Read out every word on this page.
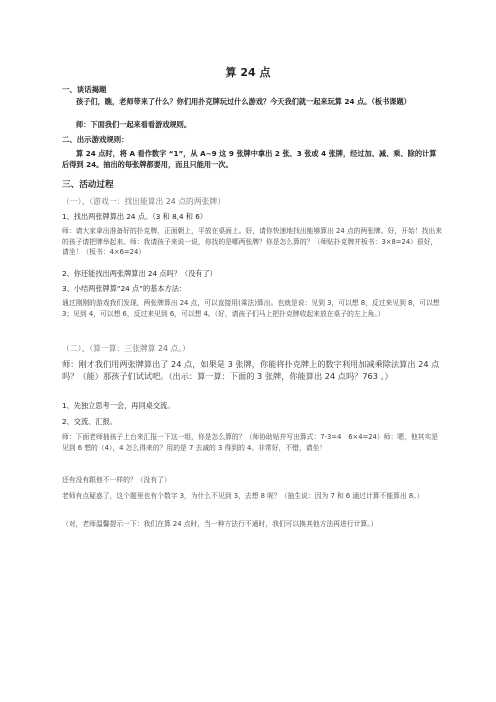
算 24 点

一、谈话揭题

孩子们，瞧，老师带来了什么？你们用扑克牌玩过什么游戏？今天我们就一起来玩算 24 点。（板书课题）

师：下面我们一起来看看游戏规则。

二、出示游戏规则：

算 24 点时，将 A 看作数字 “1”，从 A~9 这 9 张牌中拿出 2 张、3 张或 4 张牌，经过加、减、乘、除的计算后得到 24。抽出的每张牌都要用，而且只能用一次。

三、活动过程

（一）、（游戏一：找出能算出 24 点的两张牌）

1、找出两张牌算出 24 点。（3 和 8,4 和 6）

师：请大家拿出准备好的扑克牌，正面朝上，平放在桌面上。好，请你快速地找出能够算出 24 点的两张牌。好，开始！找出来的孩子请把牌举起来。师：我请孩子来说一说，你找的是哪两张牌？你是怎么算的？（师贴扑克牌并板书：3×8=24）很好，请坐！（板书：4×6=24）

2、你还能找出两张牌算出 24 点吗？（没有了）

3、小结两张牌算“24 点”的基本方法：

通过刚刚的游戏我们发现，两张牌算出 24 点，可以直接用(乘法)算出。也就是说：见到 3，可以想 8，反过来见到 8，可以想 3；见到 4，可以想 6，反过来见到 6，可以想 4。（好，请孩子们马上把扑克牌收起来放在桌子的左上角。）

（二）、（算一算：三张牌算 24 点。）

师：刚才我们用两张牌算出了 24 点，如果是 3 张牌，你能将扑克牌上的数字利用加减乘除法算出 24 点吗？（能）那孩子们试试吧。（出示：算一算：下面的 3 张牌，你能算出 24 点吗？763 。）

1、先独立思考一会，再同桌交流。

2、交流、汇报。

师：下面老师抽孩子上台来汇报一下这一组，你是怎么算的？（师协助贴并写出算式：7-3=4　6×4=24）师：嗯，他其实是见到 6 想的（4），4 怎么得来的？用的是 7 去减的 3 得到的 4。非常好，不错，请坐！

还有没有跟他不一样的？（没有了）

老师有点疑惑了，这个题里也有个数字 3，为什么不见到 3，去想 8 呢？（抽生说：因为 7 和 6 通过计算不能算出 8。）

（对，老师温馨提示一下：我们在算 24 点时，当一种方法行不通时，我们可以换其他方法再进行计算。）
